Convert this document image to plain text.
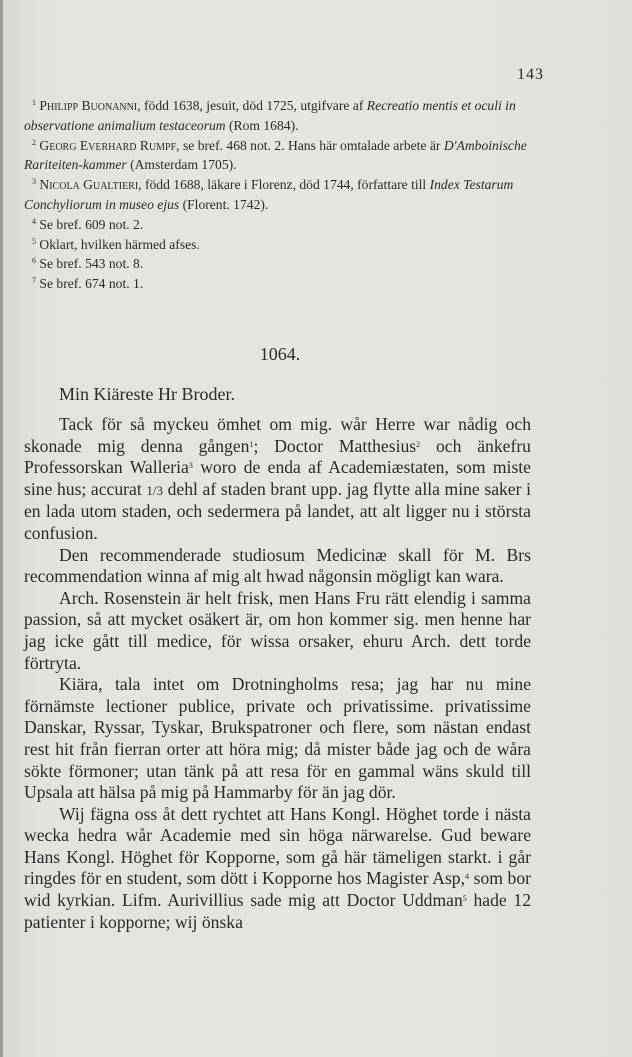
143

$^1$ Philipp Buonanni, född 1638, jesuit, död 1725, utgifvare af Recreatio mentis et oculi in observatione animalium testaceorum (Rom 1684).

$^2$ Georg Everhard Rumpf, se bref. 468 not. 2. Hans här omtalade arbete är D'Amboinische Rariteiten-kammer (Amsterdam 1705).

$^3$ Nicola Gualtieri, född 1688, läkare i Florenz, död 1744, författare till Index Testarum Conchyliorum in museo ejus (Florent. 1742).

$^4$ Se bref. 609 not. 2.

$^5$ Oklart, hvilken härmed afses.

$^6$ Se bref. 543 not. 8.

$^7$ Se bref. 674 not. 1.

1064.
Min Kiäreste Hr Broder.

Tack för så myckeu ömhet om mig. wår Herre war nådig och skonade mig denna gången$^1$; Doctor Matthesius$^2$ och änkefru Professorskan Walleria$^3$ woro de enda af Academiæstaten, som miste sine hus; accurat 1/3 dehl af staden brant upp. jag flytte alla mine saker i en lada utom staden, och sedermera på landet, att alt ligger nu i största confusion.

Den recommenderade studiosum Medicinæ skall för M. Brs recommendation winna af mig alt hwad någonsin mögligt kan wara.

Arch. Rosenstein är helt frisk, men Hans Fru rätt elendig i samma passion, så att mycket osäkert är, om hon kommer sig. men henne har jag icke gått till medice, för wissa orsaker, ehuru Arch. dett torde förtryta.

Kiära, tala intet om Drotningholms resa; jag har nu mine förnämste lectioner publice, private och privatissime. privatissime Danskar, Ryssar, Tyskar, Brukspatroner och flere, som nästan endast rest hit från fierran orter att höra mig; då mister både jag och de wåra sökte förmoner; utan tänk på att resa för en gammal wäns skuld till Upsala att hälsa på mig på Hammarby för än jag dör.

Wij fägna oss åt dett rychtet att Hans Kongl. Höghet torde i nästa wecka hedra wår Academie med sin höga närwarelse. Gud beware Hans Kongl. Höghet för Kopporne, som gå här tämeligen starkt. i går ringdes för en student, som dött i Kopporne hos Magister Asp,$^4$ som bor wid kyrkian. Lifm. Aurivillius sade mig att Doctor Uddman$^5$ hade 12 patienter i kopporne; wij önska
